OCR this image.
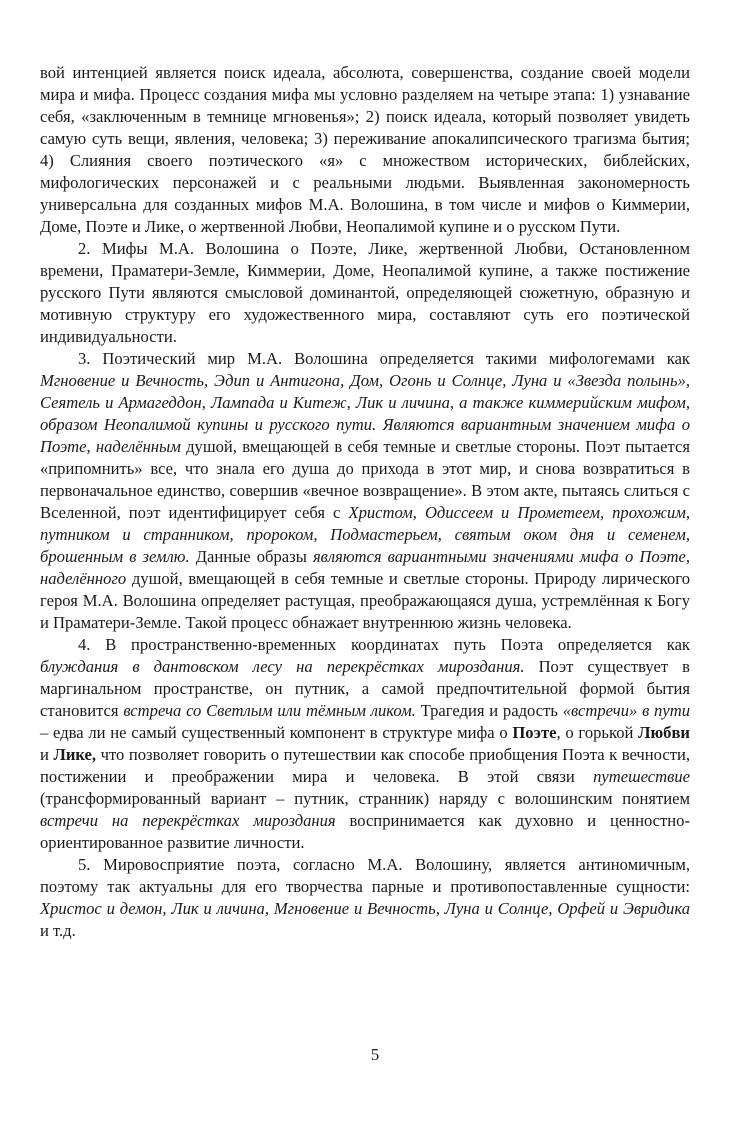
вой интенцией является поиск идеала, абсолюта, совершенства, создание своей модели мира и мифа. Процесс создания мифа мы условно разделяем на четыре этапа: 1) узнавание себя, «заключенным в темнице мгновенья»; 2) поиск идеала, который позволяет увидеть самую суть вещи, явления, человека; 3) переживание апокалипсического трагизма бытия; 4) Слияния своего поэтического «я» с множеством исторических, библейских, мифологических персонажей и с реальными людьми. Выявленная закономерность универсальна для созданных мифов М.А. Волошина, в том числе и мифов о Киммерии, Доме, Поэте и Лике, о жертвенной Любви, Неопалимой купине и о русском Пути.

2. Мифы М.А. Волошина о Поэте, Лике, жертвенной Любви, Остановленном времени, Праматери-Земле, Киммерии, Доме, Неопалимой купине, а также постижение русского Пути являются смысловой доминантой, определяющей сюжетную, образную и мотивную структуру его художественного мира, составляют суть его поэтической индивидуальности.

3. Поэтический мир М.А. Волошина определяется такими мифологемами как Мгновение и Вечность, Эдип и Антигона, Дом, Огонь и Солнце, Луна и «Звезда полынь», Сеятель и Армагеддон, Лампада и Китеж, Лик и личина, а также киммерийским мифом, образом Неопалимой купины и русского пути. Являются вариантным значением мифа о Поэте, наделённым душой, вмещающей в себя темные и светлые стороны. Поэт пытается «припомнить» все, что знала его душа до прихода в этот мир, и снова возвратиться в первоначальное единство, совершив «вечное возвращение». В этом акте, пытаясь слиться с Вселенной, поэт идентифицирует себя с Христом, Одиссеем и Прометеем, прохожим, путником и странником, пророком, Подмастерьем, святым оком дня и семенем, брошенным в землю. Данные образы являются вариантными значениями мифа о Поэте, наделённого душой, вмещающей в себя темные и светлые стороны. Природу лирического героя М.А. Волошина определяет растущая, преображающаяся душа, устремлённая к Богу и Праматери-Земле. Такой процесс обнажает внутреннюю жизнь человека.

4. В пространственно-временных координатах путь Поэта определяется как блуждания в дантовском лесу на перекрёстках мироздания. Поэт существует в маргинальном пространстве, он путник, а самой предпочтительной формой бытия становится встреча со Светлым или тёмным ликом. Трагедия и радость «встречи» в пути – едва ли не самый существенный компонент в структуре мифа о Поэте, о горькой Любви и Лике, что позволяет говорить о путешествии как способе приобщения Поэта к вечности, постижении и преображении мира и человека. В этой связи путешествие (трансформированный вариант – путник, странник) наряду с волошинским понятием встречи на перекрёстках мироздания воспринимается как духовно и ценностно-ориентированное развитие личности.

5. Мировосприятие поэта, согласно М.А. Волошину, является антиномичным, поэтому так актуальны для его творчества парные и противопоставленные сущности: Христос и демон, Лик и личина, Мгновение и Вечность, Луна и Солнце, Орфей и Эвридика и т.д.

5
